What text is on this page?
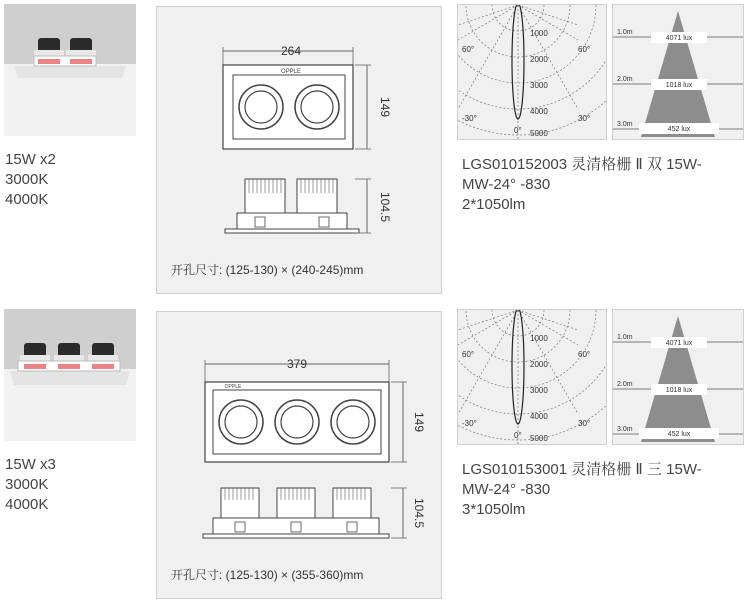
15W x2
3000K
4000K
264
OPPLE
149
104.5
开孔尺寸: (125-130) × (240-245)mm
1000
2000
3000
4000
5000
60°	60°
-30°	30°
0°
1.0m
2.0m
3.0m
4071 lux
1018 lux
452 lux
LGS010152003 灵清格栅 Ⅱ 双 15W-
MW-24° -830
2*1050lm
15W x3
3000K
4000K
379
OPPLE
149
104.5
开孔尺寸: (125-130) × (355-360)mm
1000
2000
3000
4000
5000
60°	60°
-30°	30°
0°
1.0m
2.0m
3.0m
4071 lux
1018 lux
452 lux
LGS010153001 灵清格栅 Ⅱ 三 15W-
MW-24° -830
3*1050lm
